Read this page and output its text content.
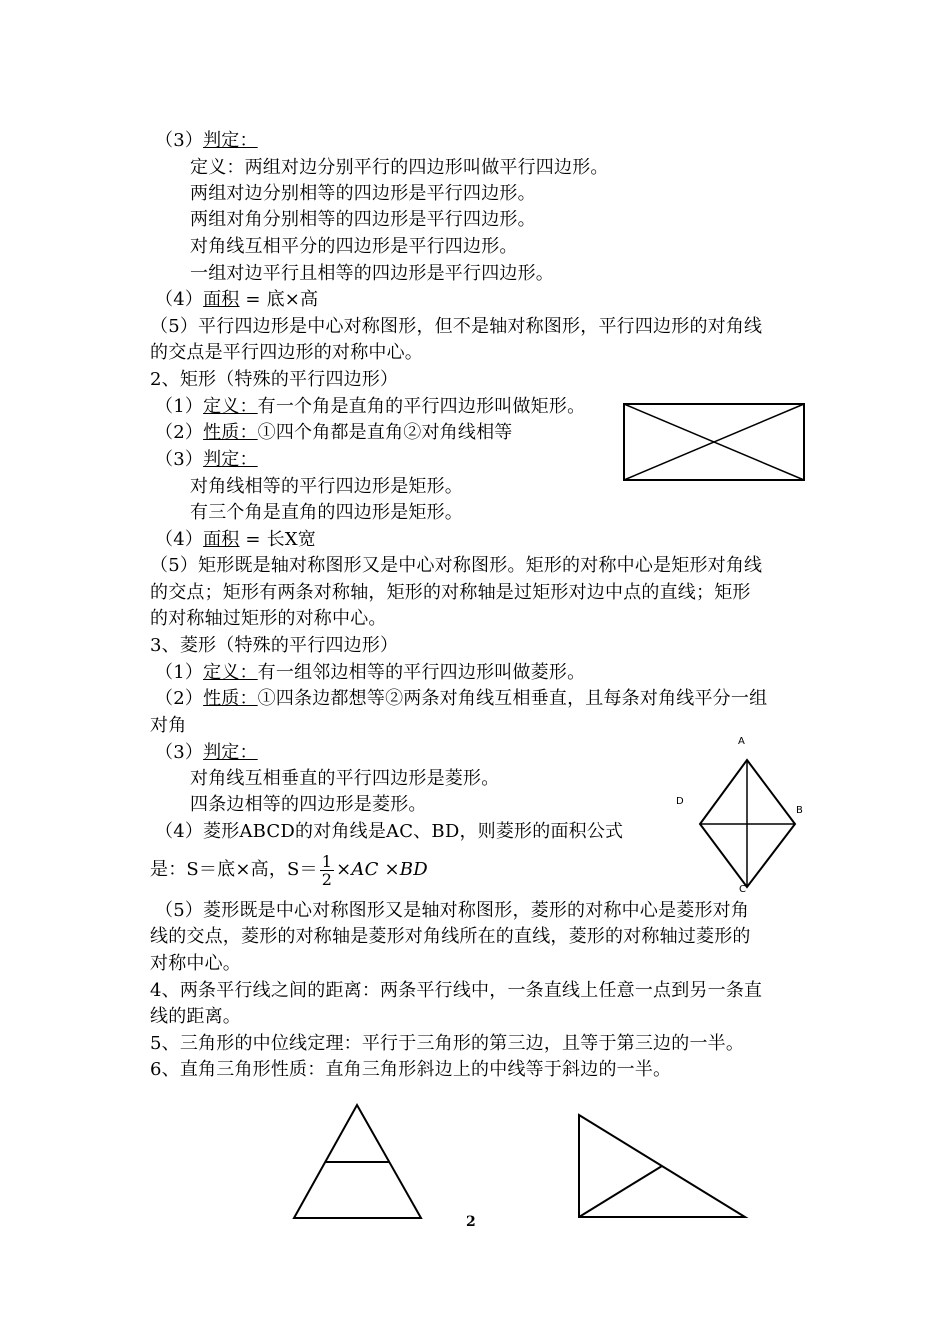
（3）判定：
定义：两组对边分别平行的四边形叫做平行四边形。
两组对边分别相等的四边形是平行四边形。
两组对角分别相等的四边形是平行四边形。
对角线互相平分的四边形是平行四边形。
一组对边平行且相等的四边形是平行四边形。
（4）面积 = 底×高
（5）平行四边形是中心对称图形，但不是轴对称图形，平行四边形的对角线
的交点是平行四边形的对称中心。
2、矩形（特殊的平行四边形）
（1）定义：有一个角是直角的平行四边形叫做矩形。
（2）性质：①四个角都是直角②对角线相等
（3）判定：
对角线相等的平行四边形是矩形。
有三个角是直角的四边形是矩形。
（4）面积 = 长X宽
（5）矩形既是轴对称图形又是中心对称图形。矩形的对称中心是矩形对角线
的交点；矩形有两条对称轴，矩形的对称轴是过矩形对边中点的直线；矩形
的对称轴过矩形的对称中心。
3、菱形（特殊的平行四边形）
（1）定义：有一组邻边相等的平行四边形叫做菱形。
（2）性质：①四条边都想等②两条对角线互相垂直，且每条对角线平分一组
对角
（3）判定：
对角线互相垂直的平行四边形是菱形。
四条边相等的四边形是菱形。
（4）菱形ABCD的对角线是AC、BD，则菱形的面积公式
是：S＝底×高，$S= \frac{1}{2} \times AC \times BD$
（5）菱形既是中心对称图形又是轴对称图形，菱形的对称中心是菱形对角
线的交点，菱形的对称轴是菱形对角线所在的直线，菱形的对称轴过菱形的
对称中心。
4、两条平行线之间的距离：两条平行线中，一条直线上任意一点到另一条直
线的距离。
5、三角形的中位线定理：平行于三角形的第三边，且等于第三边的一半。
6、直角三角形性质：直角三角形斜边上的中线等于斜边的一半。
A
D
B
C
2
